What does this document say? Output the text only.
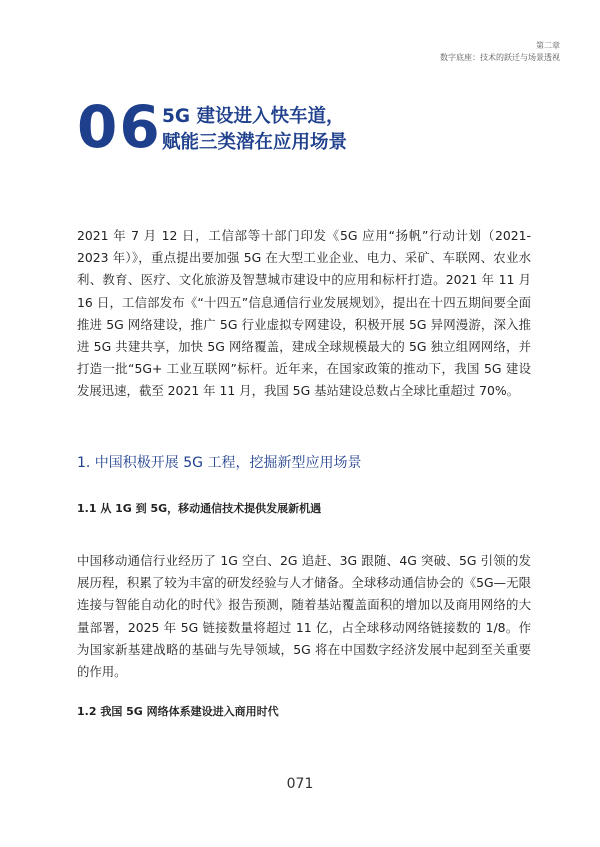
第二章
数字底座：技术的跃迁与场景透视
06 5G 建设进入快车道，
赋能三类潜在应用场景

2021 年 7 月 12 日，工信部等十部门印发《5G 应用“扬帆”行动计划（2021-2023 年）》，重点提出要加强 5G 在大型工业企业、电力、采矿、车联网、农业水利、教育、医疗、文化旅游及智慧城市建设中的应用和标杆打造。2021 年 11 月 16 日，工信部发布《“十四五”信息通信行业发展规划》，提出在十四五期间要全面推进 5G 网络建设，推广 5G 行业虚拟专网建设，积极开展 5G 异网漫游，深入推进 5G 共建共享，加快 5G 网络覆盖，建成全球规模最大的 5G 独立组网网络，并打造一批“5G+ 工业互联网”标杆。近年来，在国家政策的推动下，我国 5G 建设发展迅速，截至 2021 年 11 月，我国 5G 基站建设总数占全球比重超过 70%。

1. 中国积极开展 5G 工程，挖掘新型应用场景
1.1 从 1G 到 5G，移动通信技术提供发展新机遇

中国移动通信行业经历了 1G 空白、2G 追赶、3G 跟随、4G 突破、5G 引领的发展历程，积累了较为丰富的研发经验与人才储备。全球移动通信协会的《5G—无限连接与智能自动化的时代》报告预测，随着基站覆盖面积的增加以及商用网络的大量部署，2025 年 5G 链接数量将超过 11 亿，占全球移动网络链接数的 1/8。作为国家新基建战略的基础与先导领域，5G 将在中国数字经济发展中起到至关重要的作用。

1.2 我国 5G 网络体系建设进入商用时代
071
